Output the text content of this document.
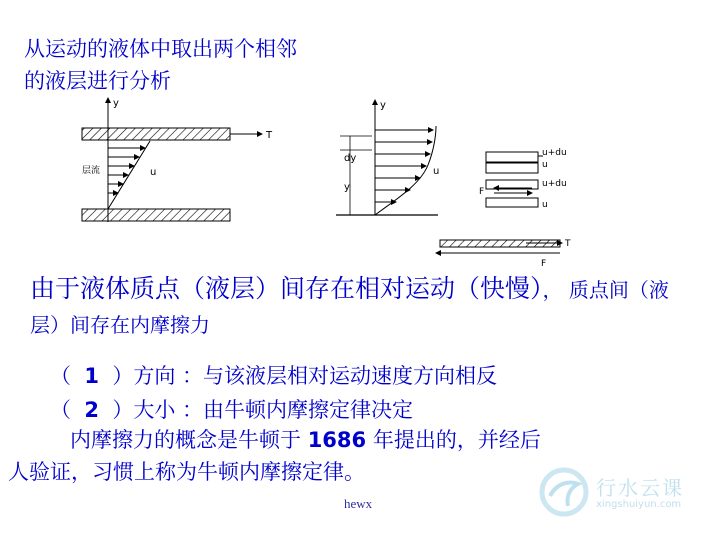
从运动的液体中取出两个相邻
的液层进行分析
y
T
层流	u
y
dy
y
u
u+du
u
u+du
u
F
T
F
由于液体质点（液层）间存在相对运动（快慢）， 质点间（液层）间存在内摩擦力
（  1  ）方向 ：与该液层相对运动速度方向相反
（  2  ）大小 ：由牛顿内摩擦定律决定
内摩擦力的概念是牛顿于 1686 年提出的，并经后
人验证，习惯上称为牛顿内摩擦定律。
hewx
行水云课
xingshuiyun.com
